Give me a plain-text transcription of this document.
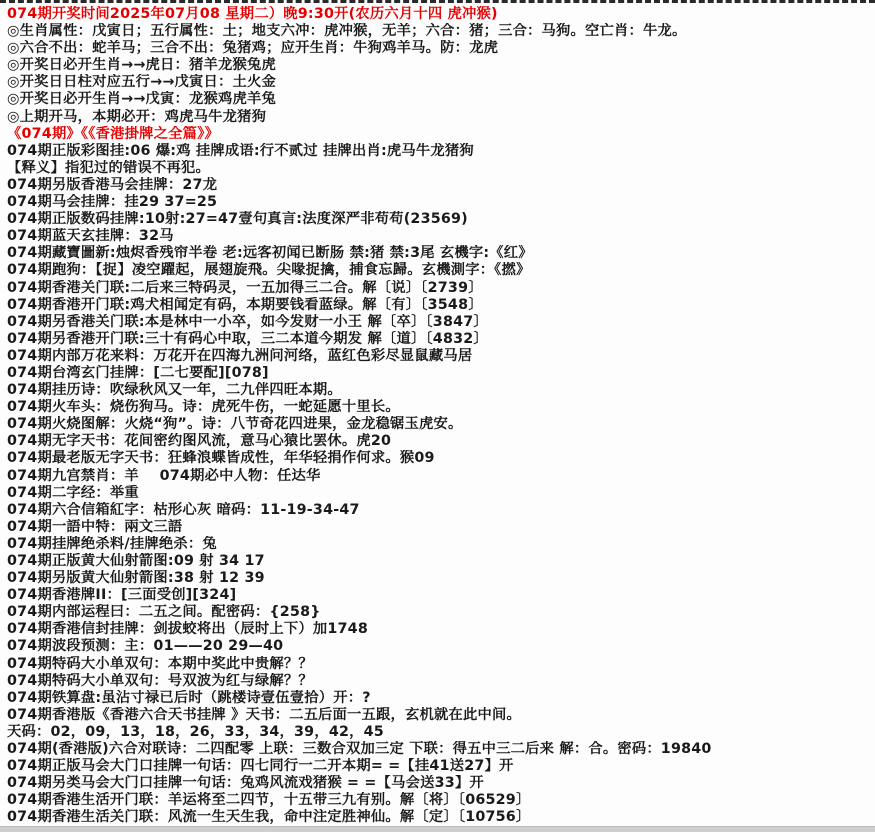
074期开奖时间2025年07月08 星期二）晚9:30开(农历六月十四 虎冲猴)
◎生肖属性：戊寅日；五行属性：土；地支六冲：虎冲猴，无羊；六合：猪；三合：马狗。空亡肖：牛龙。
◎六合不出：蛇羊马；三合不出：兔猪鸡；应开生肖：牛狗鸡羊马。防：龙虎
◎开奖日必开生肖→→虎日：猪羊龙猴兔虎
◎开奖日日柱对应五行→→戊寅日：土火金
◎开奖日必开生肖→→戊寅：龙猴鸡虎羊兔
◎上期开马，本期必开：鸡虎马牛龙猪狗
《074期》《《香港掛牌之全篇》》
074期正版彩图挂:06 爆:鸡 挂牌成语:行不贰过 挂牌出肖:虎马牛龙猪狗
【释义】指犯过的错误不再犯。
074期另版香港马会挂牌：27龙
074期马会挂牌：挂29 37=25
074期正版数码挂牌:10射:27=47壹句真言:法度深严非苟苟(23569)
074期蓝天玄挂牌：32马
074期藏寶圖新:烛烬香残帘半卷 老:远客初闻已断肠 禁:猪 禁:3尾 玄機字:《红》
074期跑狗：【捉】凌空躍起，展翅旋飛。尖喙捉擒，捕食忘歸。玄機測字：《撚》
074期香港关门联:二后来三特码灵，一五加得三二合。解〔说〕〔2739〕
074期香港开门联:鸡犬相闻定有码，本期要钱看蓝绿。解〔有〕〔3548〕
074期另香港关门联:本是林中一小卒，如今发财一小王 解〔卒〕〔3847〕
074期另香港开门联:三十有码心中取，三二本道今期发 解〔道〕〔4832〕
074期内部万花来料：万花开在四海九洲问河络，蓝红色彩尽显鼠藏马居
074期台湾玄门挂牌：[二七要配][078]
074期挂历诗：吹绿秋风又一年，二九伴四旺本期。
074期火车头：烧伤狗马。诗：虎死牛伤，一蛇延愿十里长。
074期火烧图解：火烧“狗”。诗：八节奇花四进果，金龙稳锯玉虎安。
074期无字天书：花间密约图风流，意马心猿比罢休。虎20
074期最老版无字天书：狂蜂浪蝶皆成性，年华轻捐作何求。猴09
074期九宫禁肖：羊    074期必中人物：任达华
074期二字经：举重
074期六合信箱紅字：枯形心灰 暗码：11-19-34-47
074期一語中特：兩文三語
074期挂牌绝杀料/挂牌绝杀：兔
074期正版黄大仙射箭图:09 射 34 17
074期另版黄大仙射箭图:38 射 12 39
074期香港牌II：[三面受创][324]
074期内部运程曰：二五之间。配密码：{258}
074期香港信封挂牌：剑拔蛟将出（辰时上下）加1748
074期波段预测：主：01——20 29—40
074期特码大小单双句：本期中奖此中贵解？？
074期特码大小单双句：号双波为红与绿解？？
074期铁算盘:虽沾寸禄已后时（跳楼诗壹伍壹拾）开：?
074期香港版《香港六合天书挂牌 》天书：二五后面一五跟，玄机就在此中间。
天码：02，09，13，18，26，33，34，39，42，45
074期(香港版)六合对联诗：二四配零 上联：三数合双加三定 下联：得五中三二后来 解：合。密码：19840
074期正版马会大门口挂牌一句话：四七同行一二开本期= =【挂41送27】开
074期另类马会大门口挂牌一句话：兔鸡风流戏猪猴 = =【马会送33】开
074期香港生活开门联：羊运将至二四节，十五带三九有别。解〔将〕〔06529〕
074期香港生活关门联：风流一生天生我，命中注定胜神仙。解〔定〕〔10756〕
